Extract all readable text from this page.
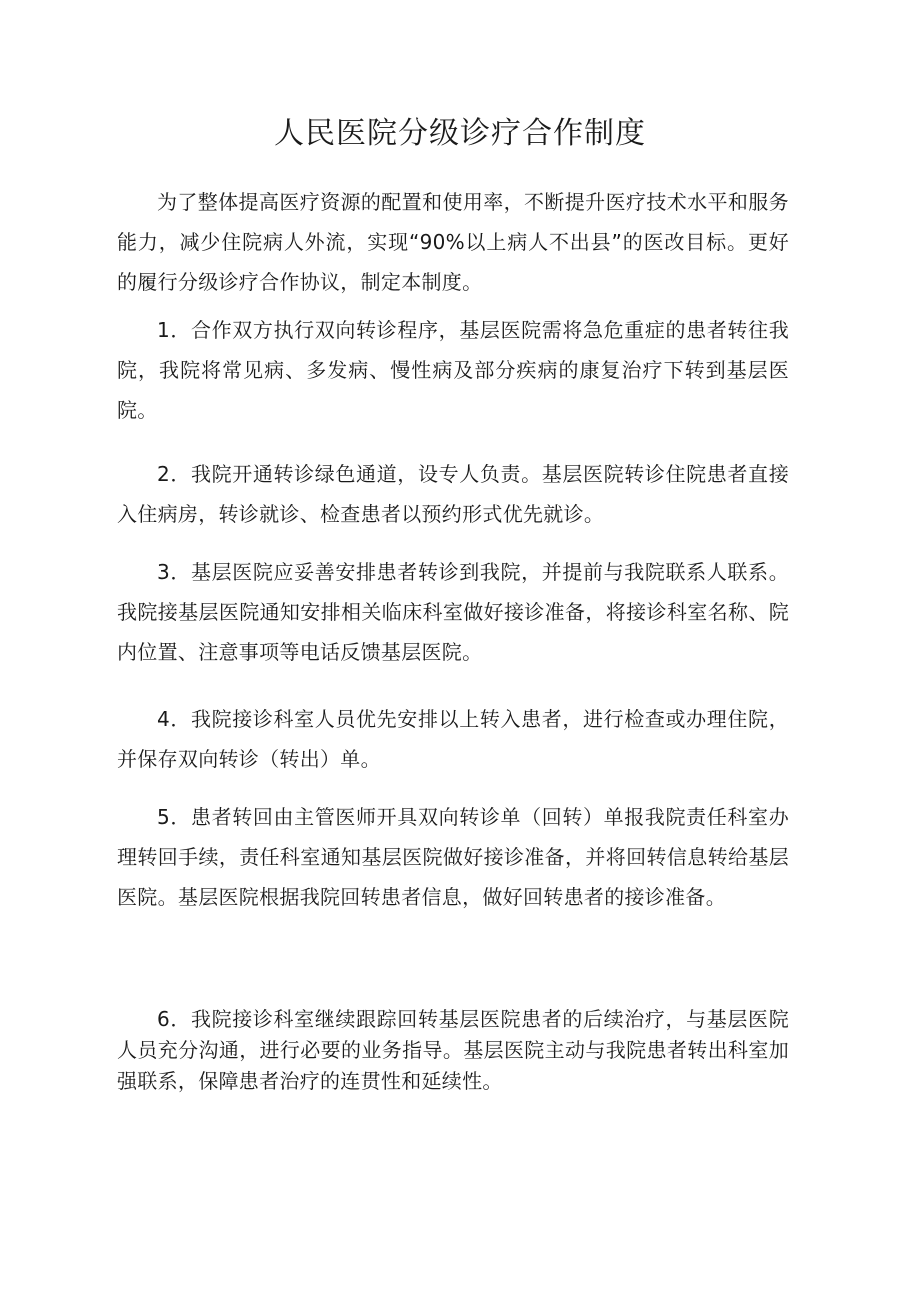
人民医院分级诊疗合作制度

为了整体提高医疗资源的配置和使用率，不断提升医疗技术水平和服务能力，减少住院病人外流，实现“90%以上病人不出县”的医改目标。更好的履行分级诊疗合作协议，制定本制度。

1．合作双方执行双向转诊程序，基层医院需将急危重症的患者转往我院，我院将常见病、多发病、慢性病及部分疾病的康复治疗下转到基层医院。

2．我院开通转诊绿色通道，设专人负责。基层医院转诊住院患者直接入住病房，转诊就诊、检查患者以预约形式优先就诊。

3．基层医院应妥善安排患者转诊到我院，并提前与我院联系人联系。我院接基层医院通知安排相关临床科室做好接诊准备，将接诊科室名称、院内位置、注意事项等电话反馈基层医院。

4．我院接诊科室人员优先安排以上转入患者，进行检查或办理住院，并保存双向转诊（转出）单。

5．患者转回由主管医师开具双向转诊单（回转）单报我院责任科室办理转回手续，责任科室通知基层医院做好接诊准备，并将回转信息转给基层医院。基层医院根据我院回转患者信息，做好回转患者的接诊准备。

6．我院接诊科室继续跟踪回转基层医院患者的后续治疗，与基层医院人员充分沟通，进行必要的业务指导。基层医院主动与我院患者转出科室加强联系，保障患者治疗的连贯性和延续性。
